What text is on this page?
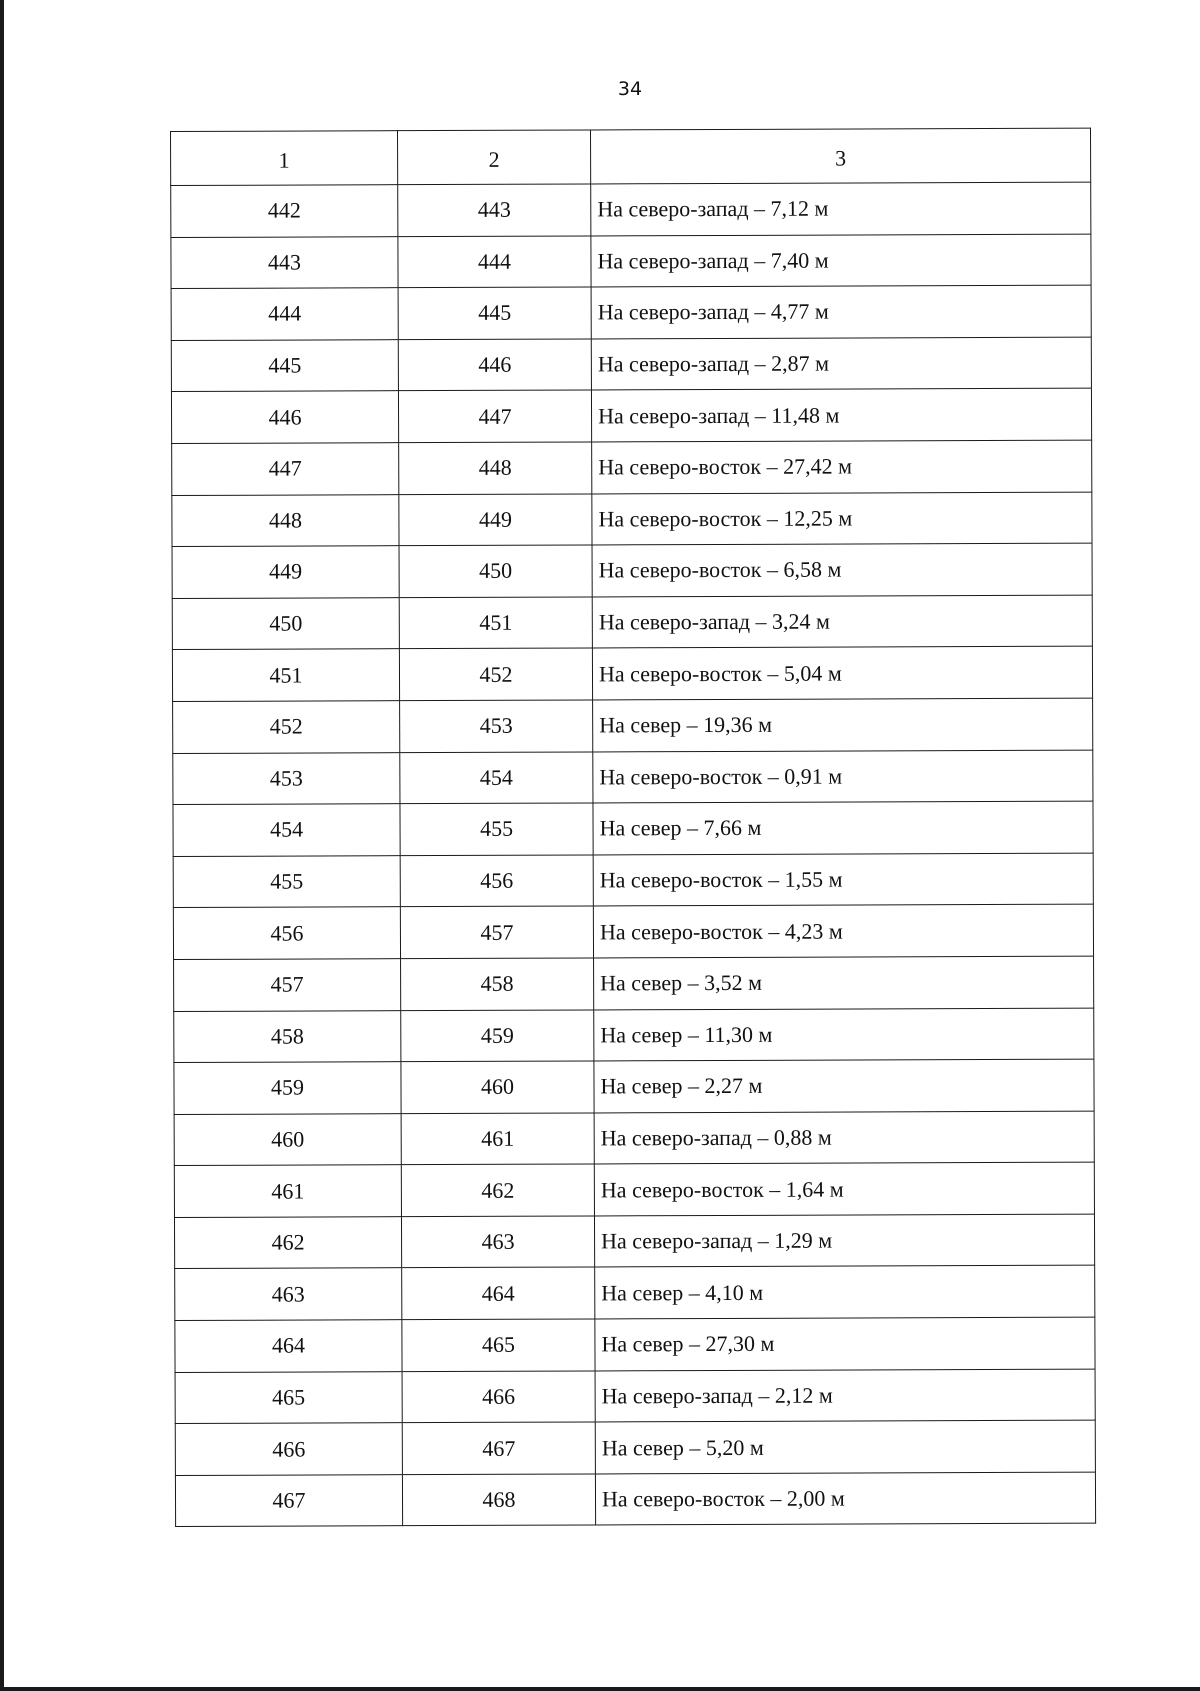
34
1	2	3
442	443	На северо-запад – 7,12 м
443	444	На северо-запад – 7,40 м
444	445	На северо-запад – 4,77 м
445	446	На северо-запад – 2,87 м
446	447	На северо-запад – 11,48 м
447	448	На северо-восток – 27,42 м
448	449	На северо-восток – 12,25 м
449	450	На северо-восток – 6,58 м
450	451	На северо-запад – 3,24 м
451	452	На северо-восток – 5,04 м
452	453	На север – 19,36 м
453	454	На северо-восток – 0,91 м
454	455	На север – 7,66 м
455	456	На северо-восток – 1,55 м
456	457	На северо-восток – 4,23 м
457	458	На север – 3,52 м
458	459	На север – 11,30 м
459	460	На север – 2,27 м
460	461	На северо-запад – 0,88 м
461	462	На северо-восток – 1,64 м
462	463	На северо-запад – 1,29 м
463	464	На север – 4,10 м
464	465	На север – 27,30 м
465	466	На северо-запад – 2,12 м
466	467	На север – 5,20 м
467	468	На северо-восток – 2,00 м
